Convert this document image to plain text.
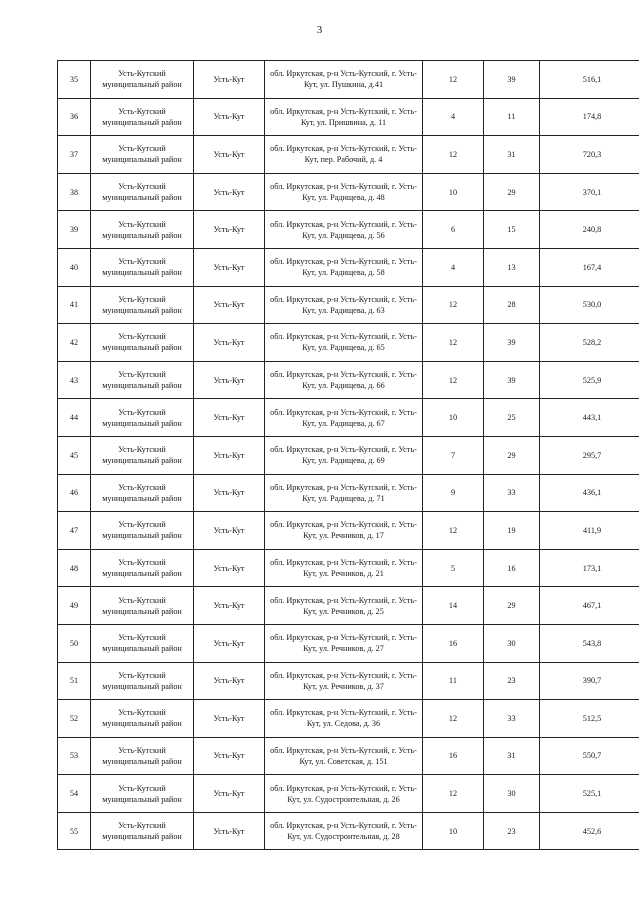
3
35	Усть-Кутский муниципальный район	Усть-Кут	обл. Иркутская, р-н Усть-Кутский, г. Усть-Кут, ул. Пушкина, д.41	12	39	516,1
36	Усть-Кутский муниципальный район	Усть-Кут	обл. Иркутская, р-н Усть-Кутский, г. Усть-Кут, ул. Пришвина, д. 11	4	11	174,8
37	Усть-Кутский муниципальный район	Усть-Кут	обл. Иркутская, р-н Усть-Кутский, г. Усть-Кут, пер. Рабочий, д. 4	12	31	720,3
38	Усть-Кутский муниципальный район	Усть-Кут	обл. Иркутская, р-н Усть-Кутский, г. Усть-Кут, ул. Радищева, д. 48	10	29	370,1
39	Усть-Кутский муниципальный район	Усть-Кут	обл. Иркутская, р-н Усть-Кутский, г. Усть-Кут, ул. Радищева, д. 56	6	15	240,8
40	Усть-Кутский муниципальный район	Усть-Кут	обл. Иркутская, р-н Усть-Кутский, г. Усть-Кут, ул. Радищева, д. 58	4	13	167,4
41	Усть-Кутский муниципальный район	Усть-Кут	обл. Иркутская, р-н Усть-Кутский, г. Усть-Кут, ул. Радищева, д. 63	12	28	530,0
42	Усть-Кутский муниципальный район	Усть-Кут	обл. Иркутская, р-н Усть-Кутский, г. Усть-Кут, ул. Радищева, д. 65	12	39	528,2
43	Усть-Кутский муниципальный район	Усть-Кут	обл. Иркутская, р-н Усть-Кутский, г. Усть-Кут, ул. Радищева, д. 66	12	39	525,9
44	Усть-Кутский муниципальный район	Усть-Кут	обл. Иркутская, р-н Усть-Кутский, г. Усть-Кут, ул. Радищева, д. 67	10	25	443,1
45	Усть-Кутский муниципальный район	Усть-Кут	обл. Иркутская, р-н Усть-Кутский, г. Усть-Кут, ул. Радищева, д. 69	7	29	295,7
46	Усть-Кутский муниципальный район	Усть-Кут	обл. Иркутская, р-н Усть-Кутский, г. Усть-Кут, ул. Радищева, д. 71	9	33	436,1
47	Усть-Кутский муниципальный район	Усть-Кут	обл. Иркутская, р-н Усть-Кутский, г. Усть-Кут, ул. Речников, д. 17	12	19	411,9
48	Усть-Кутский муниципальный район	Усть-Кут	обл. Иркутская, р-н Усть-Кутский, г. Усть-Кут, ул. Речников, д. 21	5	16	173,1
49	Усть-Кутский муниципальный район	Усть-Кут	обл. Иркутская, р-н Усть-Кутский, г. Усть-Кут, ул. Речников, д. 25	14	29	467,1
50	Усть-Кутский муниципальный район	Усть-Кут	обл. Иркутская, р-н Усть-Кутский, г. Усть-Кут, ул. Речников, д. 27	16	30	543,8
51	Усть-Кутский муниципальный район	Усть-Кут	обл. Иркутская, р-н Усть-Кутский, г. Усть-Кут, ул. Речников, д. 37	11	23	390,7
52	Усть-Кутский муниципальный район	Усть-Кут	обл. Иркутская, р-н Усть-Кутский, г. Усть-Кут, ул. Седова, д. 36	12	33	512,5
53	Усть-Кутский муниципальный район	Усть-Кут	обл. Иркутская, р-н Усть-Кутский, г. Усть-Кут, ул. Советская, д. 151	16	31	550,7
54	Усть-Кутский муниципальный район	Усть-Кут	обл. Иркутская, р-н Усть-Кутский, г. Усть-Кут, ул. Судостроительная, д. 26	12	30	525,1
55	Усть-Кутский муниципальный район	Усть-Кут	обл. Иркутская, р-н Усть-Кутский, г. Усть-Кут, ул. Судостроительная, д. 28	10	23	452,6
